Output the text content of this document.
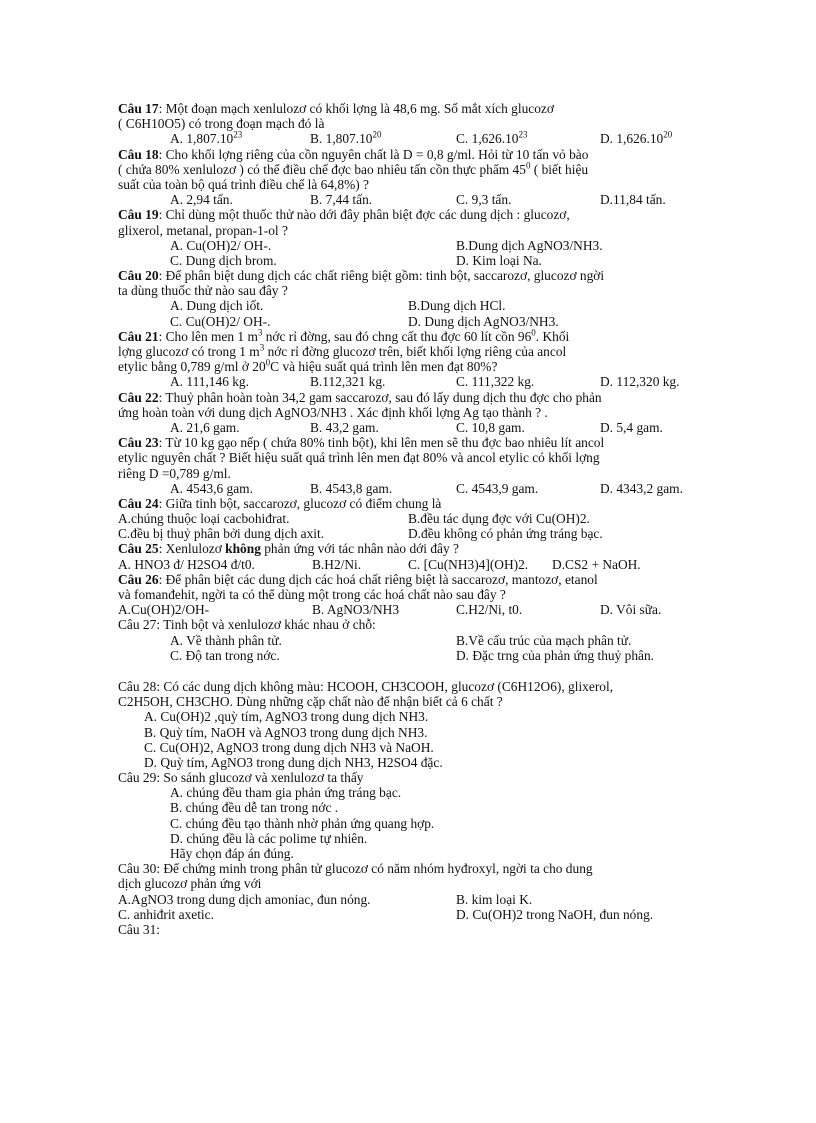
Câu 17: Một đoạn mạch xenlulozơ có khối lợng là 48,6 mg. Số mắt xích glucozơ
( C6H10O5) có trong đoạn mạch đó là
A. 1,807.10$^{23}$	B. 1,807.10$^{20}$	C. 1,626.10$^{23}$	D. 1,626.10$^{20}$
Câu 18: Cho khối lợng riêng của cồn nguyên chất là D = 0,8 g/ml. Hỏi từ 10 tấn vỏ bào
( chứa 80% xenlulozơ ) có thể điều chế đợc bao nhiêu tấn cồn thực phẩm $45^0$ ( biết hiệu
suất của toàn bộ quá trình điều chế là 64,8%) ?
A. 2,94 tấn.	B. 7,44 tấn.	C. 9,3 tấn.	D.11,84 tấn.
Câu 19: Chỉ dùng một thuốc thử nào dới đây phân biệt đợc các dung dịch : glucozơ,
glixerol, metanal, propan-1-ol ?
A. Cu(OH)2/ OH-.	B.Dung dịch AgNO3/NH3.
C. Dung dịch brom.	D. Kim loại Na.
Câu 20: Để phân biệt dung dịch các chất riêng biệt gồm: tinh bột, saccarozơ, glucozơ ngời
ta dùng thuốc thử nào sau đây ?
A. Dung dịch iốt.	B.Dung dịch HCl.
C. Cu(OH)2/ OH-.	D. Dung dịch AgNO3/NH3.
Câu 21: Cho lên men 1 $m^3$ nớc rỉ đờng, sau đó chng cất thu đợc 60 lít cồn $96^0$. Khối
lợng glucozơ có trong 1 $m^3$ nớc rỉ đờng glucozơ trên, biết khối lợng riêng của ancol
etylic bằng 0,789 g/ml ở $20^0C$ và hiệu suất quá trình lên men đạt 80%?
A. 111,146 kg.	B.112,321 kg.	C. 111,322 kg.	D. 112,320 kg.
Câu 22: Thuỷ phân hoàn toàn 34,2 gam saccarozơ, sau đó lấy dung dịch thu đợc cho phản
ứng hoàn toàn với dung dịch AgNO3/NH3 . Xác định khối lợng Ag tạo thành ? .
A. 21,6 gam.	B. 43,2 gam.	C. 10,8 gam.	D. 5,4 gam.
Câu 23: Từ 10 kg gạo nếp ( chứa 80% tinh bột), khi lên men sẽ thu đợc bao nhiêu lít ancol
etylic nguyên chất ? Biết hiệu suất quá trình lên men đạt 80% và ancol etylic có khối lợng
riêng D =0,789 g/ml.
A. 4543,6 gam.	B. 4543,8 gam.	C. 4543,9 gam.	D. 4343,2 gam.
Câu 24: Giữa tinh bột, saccarozơ, glucozơ có điểm chung là
A.chúng thuộc loại cacbohiđrat.	B.đều tác dụng đợc với Cu(OH)2.
C.đều bị thuỷ phân bởi dung dịch axit.	D.đều không có phản ứng tráng bạc.
Câu 25: Xenlulozơ không phản ứng với tác nhân nào dới đây ?
A. HNO3 đ/ H2SO4 đ/t0.	B.H2/Ni.	C. [Cu(NH3)4](OH)2. D.CS2 + NaOH.
Câu 26: Để phân biệt các dung dịch các hoá chất riêng biệt là saccarozơ, mantozơ, etanol
và fomanđehit, ngời ta có thể dùng một trong các hoá chất nào sau đây ?
A.Cu(OH)2/OH-	B. AgNO3/NH3	C.H2/Ni, t0.	D. Vôi sữa.
Câu 27: Tinh bột và xenlulozơ khác nhau ở chỗ:
A. Về thành phân tử.	B.Về cấu trúc của mạch phân tử.
C. Độ tan trong nớc.	D. Đặc trng của phản ứng thuỷ phân.
Câu 28: Có các dung dịch không màu: HCOOH, CH3COOH, glucozơ (C6H12O6), glixerol,
C2H5OH, CH3CHO. Dùng những cặp chất nào để nhận biết cả 6 chất ?
A. Cu(OH)2 ,quỳ tím, AgNO3 trong dung dịch NH3.
B. Quỳ tím, NaOH và AgNO3 trong dung dịch NH3.
C. Cu(OH)2, AgNO3 trong dung dịch NH3 và NaOH.
D. Quỳ tím, AgNO3 trong dung dịch NH3, H2SO4 đặc.
Câu 29: So sánh glucozơ và xenlulozơ ta thấy
A. chúng đều tham gia phản ứng tráng bạc.
B. chúng đều dễ tan trong nớc .
C. chúng đều tạo thành nhờ phản ứng quang hợp.
D. chúng đều là các polime tự nhiên.
Hãy chọn đáp án đúng.
Câu 30: Để chứng minh trong phân tử glucozơ có năm nhóm hyđroxyl, ngời ta cho dung
dịch glucozơ phản ứng với
A.AgNO3 trong dung dịch amoniac, đun nóng.	B. kim loại K.
C. anhiđrit axetic.	D. Cu(OH)2 trong NaOH, đun nóng.
Câu 31:
